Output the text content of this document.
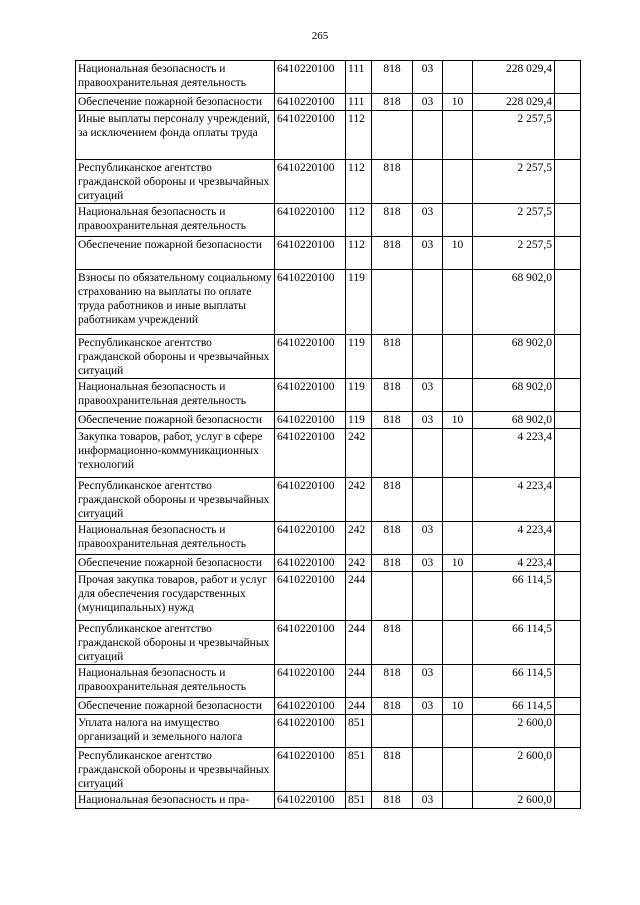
265
Национальная безопасность и правоохранительная деятельность	6410220100	111	818	03		228 029,4	
Обеспечение пожарной безопасности	6410220100	111	818	03	10	228 029,4	
Иные выплаты персоналу учреждений, за исключением фонда оплаты труда	6410220100	112				2 257,5	
Республиканское агентство гражданской обороны и чрезвычайных ситуаций	6410220100	112	818			2 257,5	
Национальная безопасность и правоохранительная деятельность	6410220100	112	818	03		2 257,5	
Обеспечение пожарной безопасности	6410220100	112	818	03	10	2 257,5	
Взносы по обязательному социальному страхованию на выплаты по оплате труда работников и иные выплаты работникам учреждений	6410220100	119				68 902,0	
Республиканское агентство гражданской обороны и чрезвычайных ситуаций	6410220100	119	818			68 902,0	
Национальная безопасность и правоохранительная деятельность	6410220100	119	818	03		68 902,0	
Обеспечение пожарной безопасности	6410220100	119	818	03	10	68 902,0	
Закупка товаров, работ, услуг в сфере информационно-коммуникационных технологий	6410220100	242				4 223,4	
Республиканское агентство гражданской обороны и чрезвычайных ситуаций	6410220100	242	818			4 223,4	
Национальная безопасность и правоохранительная деятельность	6410220100	242	818	03		4 223,4	
Обеспечение пожарной безопасности	6410220100	242	818	03	10	4 223,4	
Прочая закупка товаров, работ и услуг для обеспечения государственных (муниципальных) нужд	6410220100	244				66 114,5	
Республиканское агентство гражданской обороны и чрезвычайных ситуаций	6410220100	244	818			66 114,5	
Национальная безопасность и правоохранительная деятельность	6410220100	244	818	03		66 114,5	
Обеспечение пожарной безопасности	6410220100	244	818	03	10	66 114,5	
Уплата налога на имущество организаций и земельного налога	6410220100	851				2 600,0	
Республиканское агентство гражданской обороны и чрезвычайных ситуаций	6410220100	851	818			2 600,0	
Национальная безопасность и пра-	6410220100	851	818	03		2 600,0	
